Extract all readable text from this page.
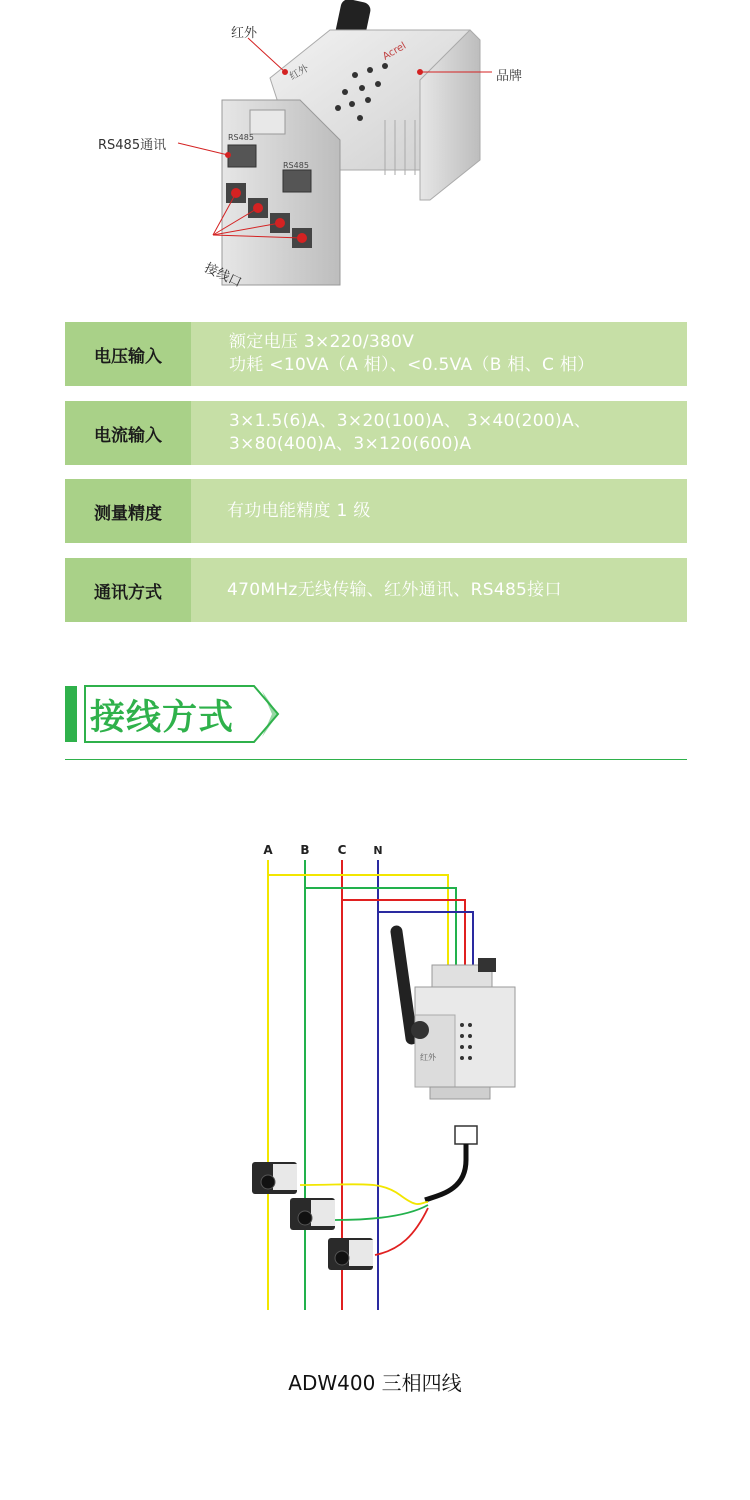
红外
Acrel
RS485
RS485
红外
品牌
RS485通讯
接线口
电压输入
额定电压 3×220/380V
功耗 <10VA（A 相）、<0.5VA（B 相、C 相）
电流输入
3×1.5(6)A、3×20(100)A、 3×40(200)A、
3×80(400)A、3×120(600)A
测量精度	有功电能精度 1 级
通讯方式	470MHz无线传输、红外通讯、RS485接口
接线方式
A B C N
红外
ADW400 三相四线
